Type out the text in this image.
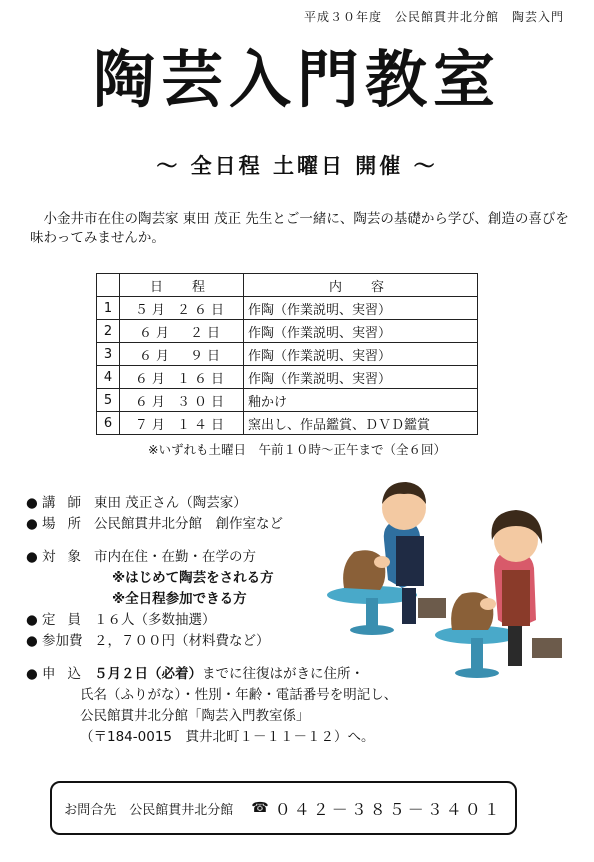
平成３０年度　公民館貫井北分館　陶芸入門
陶芸入門教室
～ 全日程 土曜日 開催 ～
小金井市在住の陶芸家 東田 茂正 先生とご一緒に、陶芸の基礎から学び、創造の喜びを味わってみませんか。
	日　程	内　容
1	５月 ２６日	作陶（作業説明、実習）
2	６月　２日	作陶（作業説明、実習）
3	６月　９日	作陶（作業説明、実習）
4	６月 １６日	作陶（作業説明、実習）
5	６月 ３０日	釉かけ
6	７月 １４日	窯出し、作品鑑賞、ＤＶＤ鑑賞
※いずれも土曜日　午前１０時～正午まで（全６回）
● 講師東田 茂正さん（陶芸家）
● 場所公民館貫井北分館　創作室など
● 対象市内在住・在勤・在学の方
※はじめて陶芸をされる方
※全日程参加できる方
● 定員１６人（多数抽選）
● 参加費 ２，７００円（材料費など）
● 申込５月２日（必着）までに往復はがきに住所・
氏名（ふりがな）・性別・年齢・電話番号を明記し、
公民館貫井北分館「陶芸入門教室係」
（〒184-0015　貫井北町１－１１－１２）へ。
お問合先　公民館貫井北分館 ☎ ０４２－３８５－３４０１
